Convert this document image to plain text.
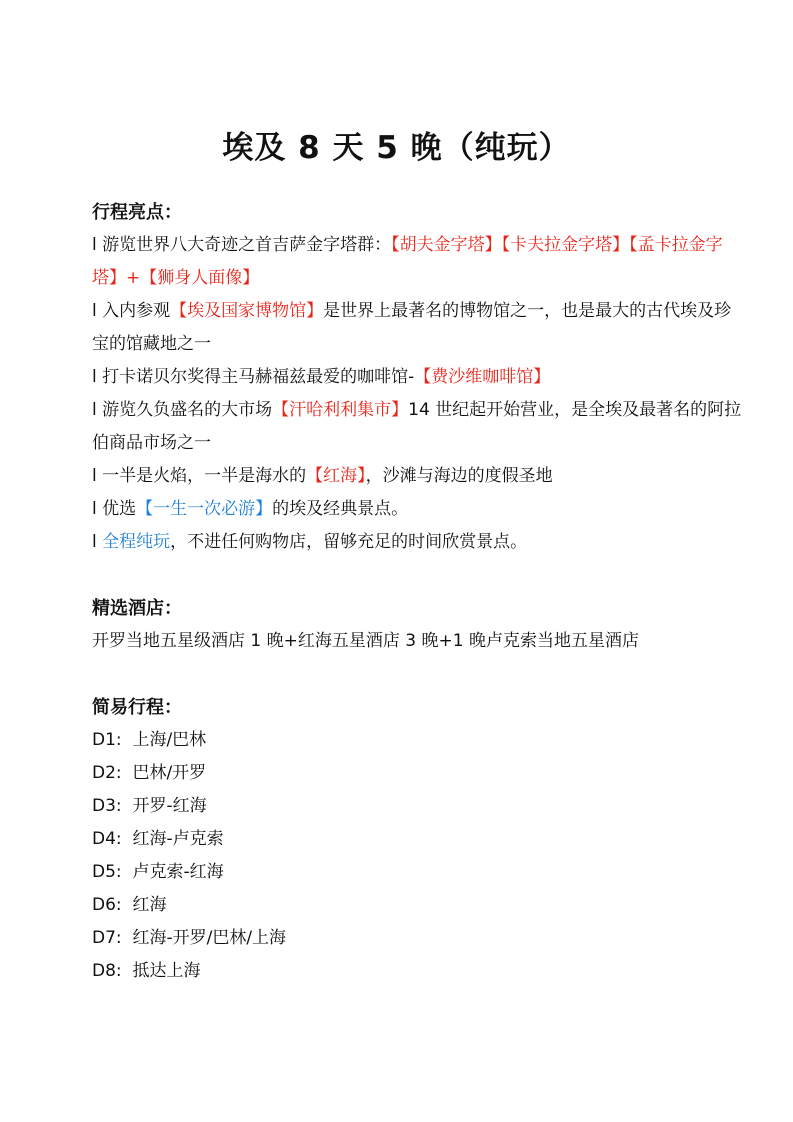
埃及 8 天 5 晚（纯玩）

行程亮点：

l 游览世界八大奇迹之首吉萨金字塔群：【胡夫金字塔】【卡夫拉金字塔】【孟卡拉金字塔】+【狮身人面像】

l 入内参观【埃及国家博物馆】是世界上最著名的博物馆之一，也是最大的古代埃及珍宝的馆藏地之一

l 打卡诺贝尔奖得主马赫福兹最爱的咖啡馆-【费沙维咖啡馆】

l 游览久负盛名的大市场【汗哈利利集市】14 世纪起开始营业，是全埃及最著名的阿拉伯商品市场之一

l 一半是火焰，一半是海水的【红海】，沙滩与海边的度假圣地

l 优选【一生一次必游】的埃及经典景点。

l 全程纯玩，不进任何购物店，留够充足的时间欣赏景点。

精选酒店：

开罗当地五星级酒店 1 晚+红海五星酒店 3 晚+1 晚卢克索当地五星酒店

简易行程：

D1: 上海/巴林

D2: 巴林/开罗

D3: 开罗-红海

D4: 红海-卢克索

D5: 卢克索-红海

D6: 红海

D7: 红海-开罗/巴林/上海

D8: 抵达上海
